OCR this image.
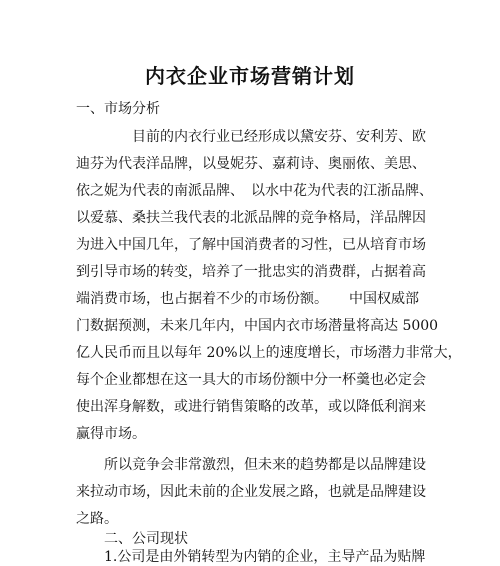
内衣企业市场营销计划
一、市场分析
目前的内衣行业已经形成以黛安芬、安利芳、欧
迪芬为代表洋品牌，以曼妮芬、嘉莉诗、奥丽侬、美思、
依之妮为代表的南派品牌、　以水中花为代表的江浙品牌、
以爱慕、桑扶兰我代表的北派品牌的竞争格局，洋品牌因
为进入中国几年，了解中国消费者的习性，已从培育市场
到引导市场的转变，培养了一批忠实的消费群，占据着高
端消费市场，也占据着不少的市场份额。　　中国权威部
门数据预测，未来几年内，中国内衣市场潜量将高达 5000
亿人民币而且以每年 20%以上的速度增长，市场潜力非常大，
每个企业都想在这一具大的市场份额中分一杯羹也必定会
使出浑身解数，或进行销售策略的改革，或以降低利润来
赢得市场。
所以竞争会非常激烈，但未来的趋势都是以品牌建设
来拉动市场，因此未前的企业发展之路，也就是品牌建设
之路。
二、公司现状
1.公司是由外销转型为内销的企业，主导产品为贴牌
